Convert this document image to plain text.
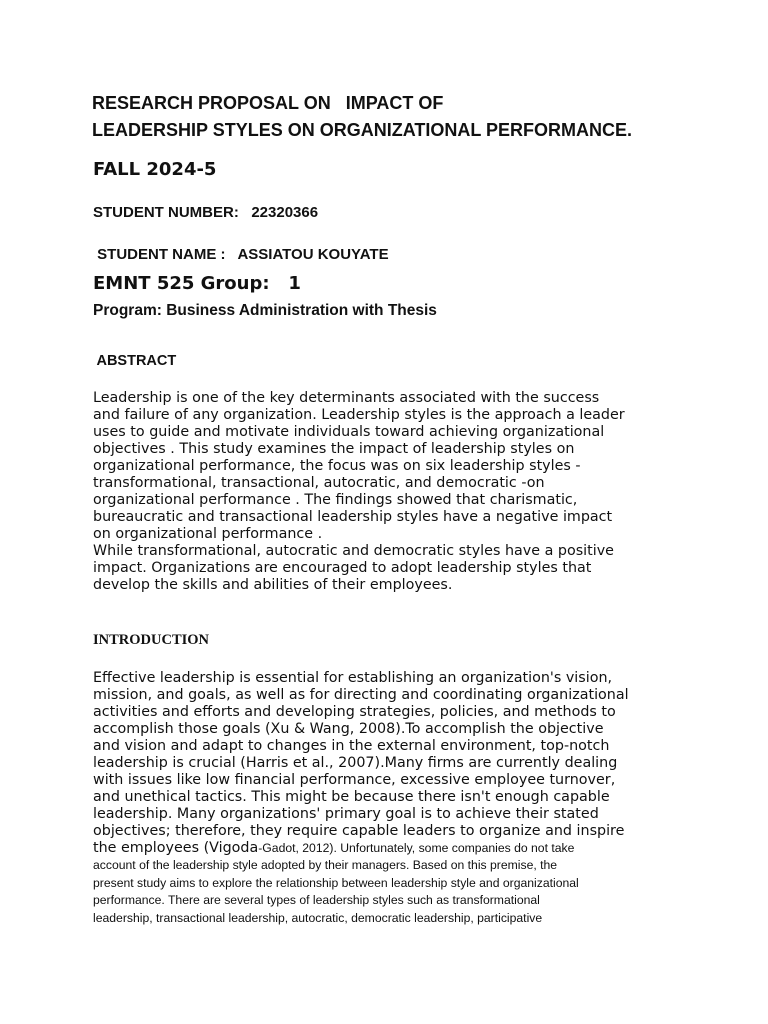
RESEARCH PROPOSAL ON   IMPACT OF
LEADERSHIP STYLES ON ORGANIZATIONAL PERFORMANCE.

FALL 2024-5

STUDENT NUMBER:   22320366

STUDENT NAME :   ASSIATOU KOUYATE

EMNT 525 Group:   1

Program: Business Administration with Thesis

ABSTRACT

Leadership is one of the key determinants associated with the success
and failure of any organization. Leadership styles is the approach a leader
uses to guide and motivate individuals toward achieving organizational
objectives . This study examines the impact of leadership styles on
organizational performance, the focus was on six leadership styles -
transformational, transactional, autocratic, and democratic -on
organizational performance . The findings showed that charismatic,
bureaucratic and transactional leadership styles have a negative impact
on organizational performance .
While transformational, autocratic and democratic styles have a positive
impact. Organizations are encouraged to adopt leadership styles that
develop the skills and abilities of their employees.

INTRODUCTION

Effective leadership is essential for establishing an organization's vision,
mission, and goals, as well as for directing and coordinating organizational
activities and efforts and developing strategies, policies, and methods to
accomplish those goals (Xu & Wang, 2008).To accomplish the objective
and vision and adapt to changes in the external environment, top-notch
leadership is crucial (Harris et al., 2007).Many firms are currently dealing
with issues like low financial performance, excessive employee turnover,
and unethical tactics. This might be because there isn't enough capable
leadership. Many organizations' primary goal is to achieve their stated
objectives; therefore, they require capable leaders to organize and inspire
the employees (Vigoda-Gadot, 2012). Unfortunately, some companies do not take

account of the leadership style adopted by their managers. Based on this premise, the
present study aims to explore the relationship between leadership style and organizational
performance. There are several types of leadership styles such as transformational
leadership, transactional leadership, autocratic, democratic leadership, participative
